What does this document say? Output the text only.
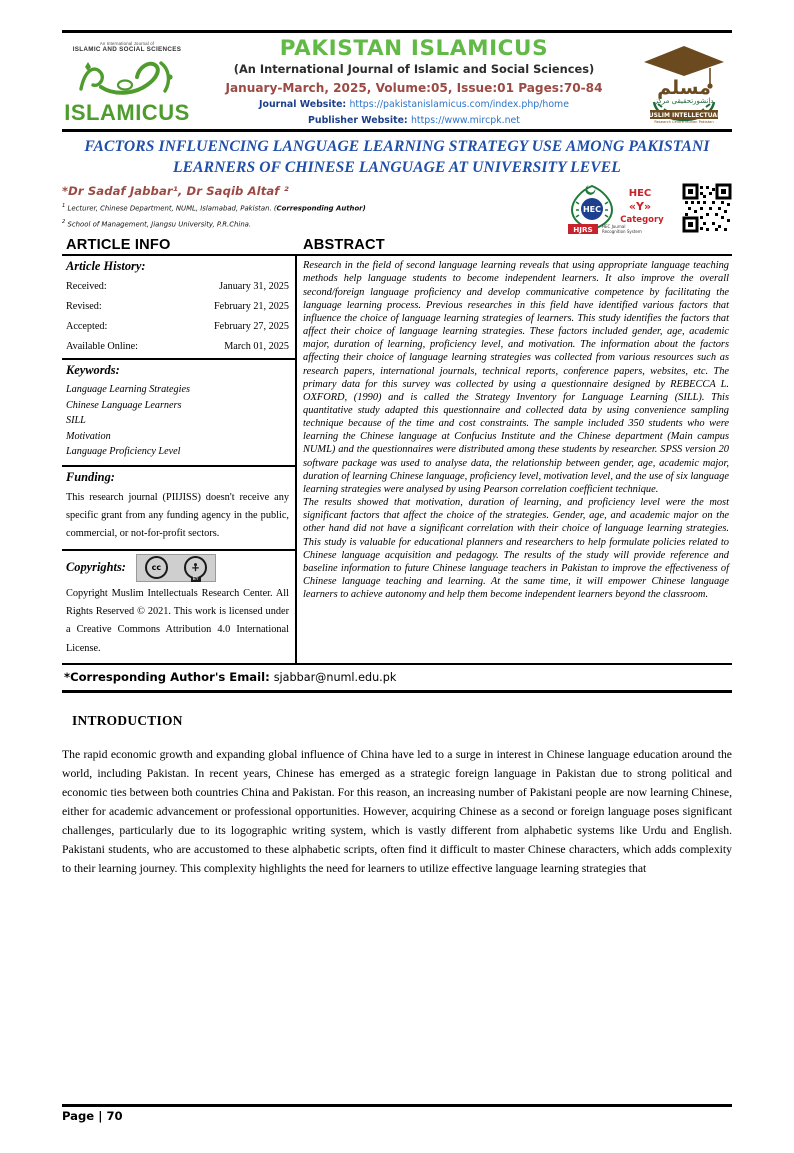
An International Journal of
ISLAMIC AND SOCIAL SCIENCES
ISLAMICUS
PAKISTAN ISLAMICUS
(An International Journal of Islamic and Social Sciences)
January-March, 2025, Volume:05, Issue:01 Pages:70-84
Journal Website: https://pakistanislamicus.com/index.php/home
Publisher Website: https://www.mircpk.net
مسلم
دانشورتحقیقی مرکز
MUSLIM INTELLECTUALS
Research Centre Multan Pakistan
FACTORS INFLUENCING LANGUAGE LEARNING STRATEGY USE AMONG PAKISTANI LEARNERS OF CHINESE LANGUAGE AT UNIVERSITY LEVEL
*Dr Sadaf Jabbar¹, Dr Saqib Altaf ²
$^1$ Lecturer, Chinese Department, NUML, Islamabad, Pakistan. (Corresponding Author)
$^2$ School of Management, Jiangsu University, P.R.China.
HEC
HEC
«Y»
Category
HJRS HEC Journal
Recognition System
ARTICLE INFO	ABSTRACT
Article History:
Received:	January 31, 2025
Revised:	February 21, 2025
Accepted:	February 27, 2025
Available Online:	March 01, 2025
Keywords:
Language Learning Strategies
Chinese Language Learners
SILL
Motivation
Language Proficiency Level
Funding:
This research journal (PIIJISS) doesn't receive any specific grant from any funding agency in the public, commercial, or not-for-profit sectors.
Copyrights:	cc
BY
Copyright Muslim Intellectuals Research Center. All Rights Reserved © 2021. This work is licensed under a Creative Commons Attribution 4.0 International License.

Research in the field of second language learning reveals that using appropriate language teaching methods help language students to become independent learners. It also improve the overall second/foreign language proficiency and develop communicative competence by facilitating the language learning process. Previous researches in this field have identified various factors that influence the choice of language learning strategies of learners. This study identifies the factors that affect their choice of language learning strategies. These factors included gender, age, academic major, duration of learning, proficiency level, and motivation. The information about the factors affecting their choice of language learning strategies was collected from various resources such as research papers, international journals, technical reports, conference papers, websites, etc. The primary data for this survey was collected by using a questionnaire designed by REBECCA L. OXFORD, (1990) and is called the Strategy Inventory for Language Learning (SILL). This quantitative study adapted this questionnaire and collected data by using convenience sampling technique because of the time and cost constraints. The sample included 350 students who were learning the Chinese language at Confucius Institute and the Chinese department (Main campus NUML) and the questionnaires were distributed among these students by researcher. SPSS version 20 software package was used to analyse data, the relationship between gender, age, academic major, duration of learning Chinese language, proficiency level, motivation level, and the use of six language learning strategies were analysed by using Pearson correlation coefficient technique.

The results showed that motivation, duration of learning, and proficiency level were the most significant factors that affect the choice of the strategies. Gender, age, and academic major on the other hand did not have a significant correlation with their choice of language learning strategies. This study is valuable for educational planners and researchers to help formulate policies related to Chinese language acquisition and pedagogy. The results of the study will provide reference and baseline information to future Chinese language teachers in Pakistan to improve the effectiveness of Chinese language teaching and learning. At the same time, it will empower Chinese language learners to achieve autonomy and help them become independent learners beyond the classroom.

*Corresponding Author's Email: sjabbar@numl.edu.pk
INTRODUCTION
The rapid economic growth and expanding global influence of China have led to a surge in interest in Chinese language education around the world, including Pakistan. In recent years, Chinese has emerged as a strategic foreign language in Pakistan due to strong political and economic ties between both countries China and Pakistan. For this reason, an increasing number of Pakistani people are now learning Chinese, either for academic advancement or professional opportunities. However, acquiring Chinese as a second or foreign language poses significant challenges, particularly due to its logographic writing system, which is vastly different from alphabetic systems like Urdu and English. Pakistani students, who are accustomed to these alphabetic scripts, often find it difficult to master Chinese characters, which adds complexity to their learning journey. This complexity highlights the need for learners to utilize effective language learning strategies that
Page | 70
